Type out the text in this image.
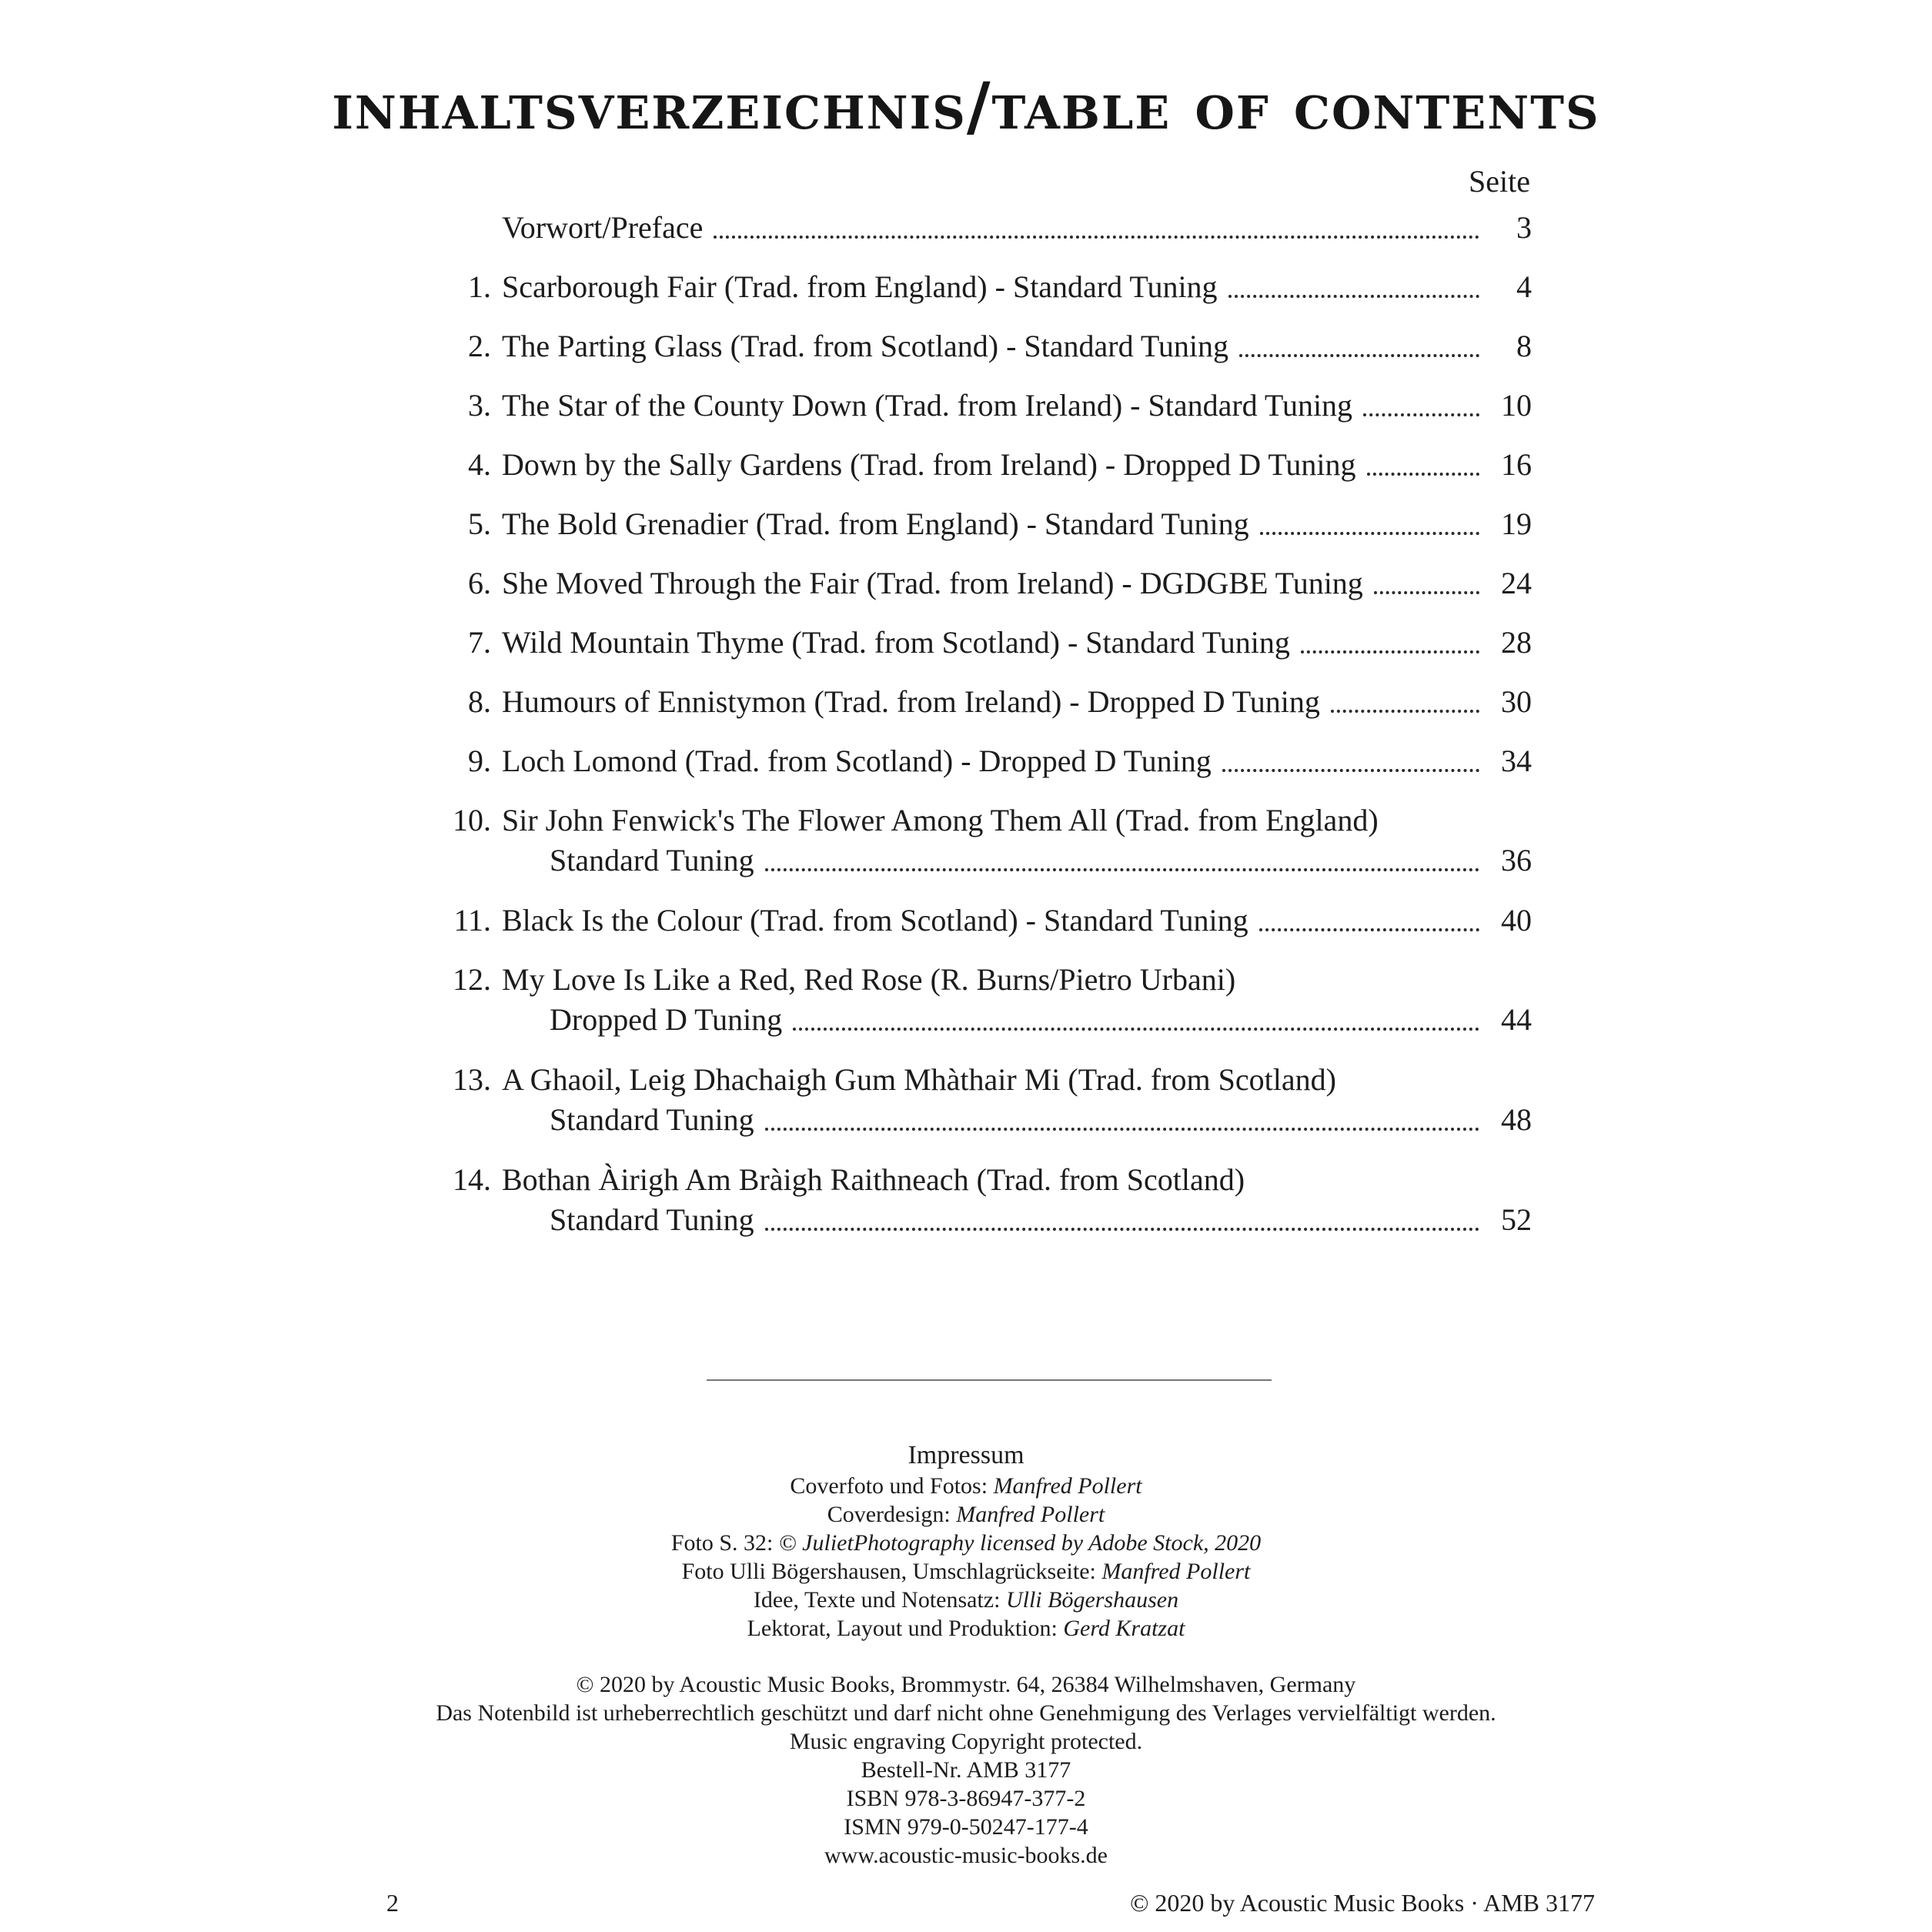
inhaltsverzeichnis/table of contents
Seite
Vorwort/Preface	3
1. Scarborough Fair (Trad. from England) - Standard Tuning	4
2. The Parting Glass (Trad. from Scotland) - Standard Tuning	8
3. The Star of the County Down (Trad. from Ireland) - Standard Tuning	10
4. Down by the Sally Gardens (Trad. from Ireland) - Dropped D Tuning	16
5. The Bold Grenadier (Trad. from England) - Standard Tuning	19
6. She Moved Through the Fair (Trad. from Ireland) - DGDGBE Tuning	24
7. Wild Mountain Thyme (Trad. from Scotland) - Standard Tuning	28
8. Humours of Ennistymon (Trad. from Ireland) - Dropped D Tuning	30
9. Loch Lomond (Trad. from Scotland) - Dropped D Tuning	34
10. Sir John Fenwick's The Flower Among Them All (Trad. from England)
Standard Tuning	36
11. Black Is the Colour (Trad. from Scotland) - Standard Tuning	40
12. My Love Is Like a Red, Red Rose (R. Burns/Pietro Urbani)
Dropped D Tuning	44
13. A Ghaoil, Leig Dhachaigh Gum Mhàthair Mi (Trad. from Scotland)
Standard Tuning	48
14. Bothan Àirigh Am Bràigh Raithneach (Trad. from Scotland)
Standard Tuning	52
Impressum
Coverfoto und Fotos: Manfred Pollert
Coverdesign: Manfred Pollert
Foto S. 32: © JulietPhotography licensed by Adobe Stock, 2020
Foto Ulli Bögershausen, Umschlagrückseite: Manfred Pollert
Idee, Texte und Notensatz: Ulli Bögershausen
Lektorat, Layout und Produktion: Gerd Kratzat
© 2020 by Acoustic Music Books, Brommystr. 64, 26384 Wilhelmshaven, Germany
Das Notenbild ist urheberrechtlich geschützt und darf nicht ohne Genehmigung des Verlages vervielfältigt werden.
Music engraving Copyright protected.
Bestell-Nr. AMB 3177
ISBN 978-3-86947-377-2
ISMN 979-0-50247-177-4
www.acoustic-music-books.de
2	© 2020 by Acoustic Music Books · AMB 3177
